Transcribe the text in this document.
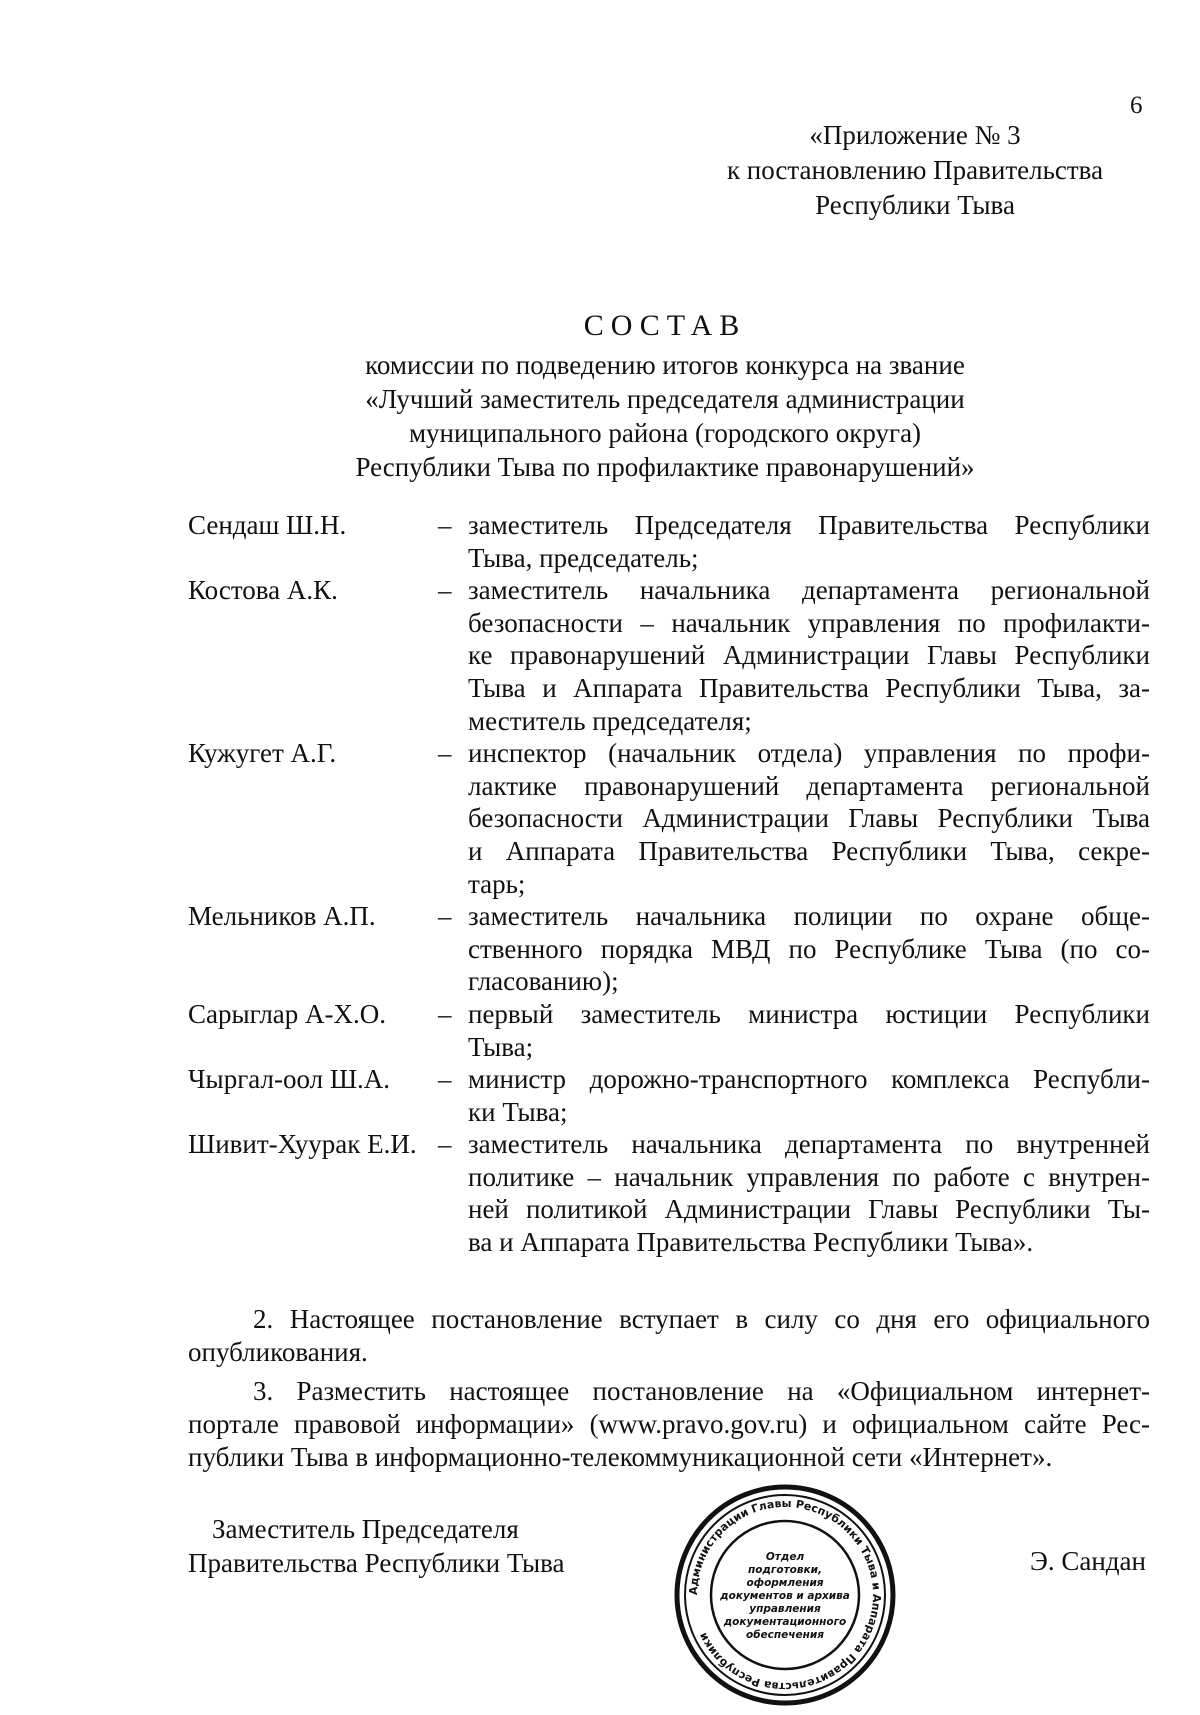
6
«Приложение № 3
к постановлению Правительства
Республики Тыва
СОСТАВ
комиссии по подведению итогов конкурса на звание
«Лучший заместитель председателя администрации
муниципального района (городского округа)
Республики Тыва по профилактике правонарушений»
Сендаш Ш.Н.	– заместитель Председателя Правительства Республики
Тыва, председатель;
Костова А.К.	– заместитель начальника департамента региональной
безопасности – начальник управления по профилакти-
ке правонарушений Администрации Главы Республики
Тыва и Аппарата Правительства Республики Тыва, за-
меститель председателя;
Кужугет А.Г.	– инспектор (начальник отдела) управления по профи-
лактике правонарушений департамента региональной
безопасности Администрации Главы Республики Тыва
и Аппарата Правительства Республики Тыва, секре-
тарь;
Мельников А.П.	– заместитель начальника полиции по охране обще-
ственного порядка МВД по Республике Тыва (по со-
гласованию);
Сарыглар А-Х.О.	– первый заместитель министра юстиции Республики
Тыва;
Чыргал-оол Ш.А.	– министр дорожно-транспортного комплекса Республи-
ки Тыва;
Шивит-Хуурак Е.И. – заместитель начальника департамента по внутренней
политике – начальник управления по работе с внутрен-
ней политикой Администрации Главы Республики Ты-
ва и Аппарата Правительства Республики Тыва».
2. Настоящее постановление вступает в силу со дня его официального
опубликования.
3. Разместить настоящее постановление на «Официальном интернет-
портале правовой информации» (www.pravo.gov.ru) и официальном сайте Рес-
публики Тыва в информационно-телекоммуникационной сети «Интернет».
Заместитель Председателя
Правительства Республики Тыва
Администрации Главы Республики Тыва и Аппарата Правительства Республики
Отдел
подготовки,
оформления
документов и архива
управления
документационного
обеспечения
Э. Сандан
